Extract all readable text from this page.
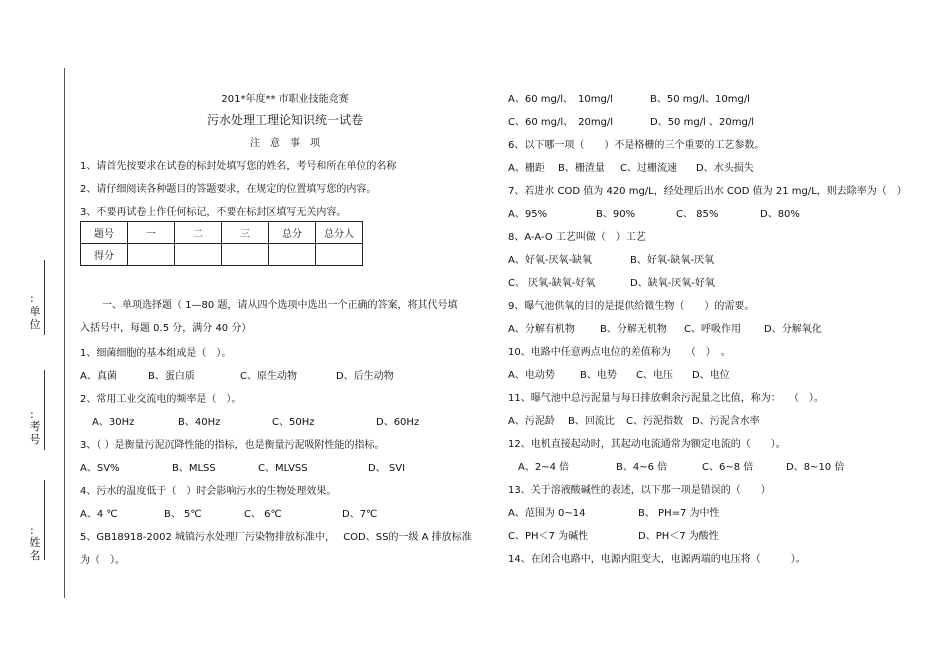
:
单位
:
考号
:
姓名
201*年度** 市职业技能竞赛
污水处理工理论知识统一试卷
注　意　事　项
1、请首先按要求在试卷的标封处填写您的姓名，考号和所在单位的名称
2、请仔细阅读各种题目的答题要求，在规定的位置填写您的内容。
3、不要再试卷上作任何标记，不要在标封区填写无关内容。
题号	一	二	三	总分	总分人
得分					
一、单项选择题（ 1—80 题，请从四个选项中选出一个正确的答案，将其代号填
入括号中，每题 0.5 分，满分 40 分）
1、细菌细胞的基本组成是（　）。
A、真菌	B、蛋白质	C、原生动物	D、后生动物
2、常用工业交流电的频率是（　）。
A、30Hz	B、40Hz	C、50Hz	D、60Hz
3、（ ）是衡量污泥沉降性能的指标，也是衡量污泥吸附性能的指标。
A、SV%	B、MLSS	C、MLVSS	D、 SVI
4、污水的温度低于（　）时会影响污水的生物处理效果。
A、4 ℃	B、 5℃	C、 6℃	D、7℃
5、GB18918-2002 城镇污水处理厂污染物排放标准中，　 COD、SS的一级 A 排放标准
为（　）。
A、60 mg/l、　10mg/l	B、50 mg/l、10mg/l
C、60 mg/l、　20mg/l	D、50 mg/l 、20mg/l
6、以下哪一项（　　）不是格栅的三个重要的工艺参数。
A、栅距 B、栅渣量 C、过栅流速 D、水头损失
7、若进水 COD 值为 420 mg/L，经处理后出水 COD 值为 21 mg/L，则去除率为（　）
A、95%	B、90%	C、 85%	D、80%
8、A-A-O 工艺叫做（　）工艺
A、好氧-厌氧-缺氧	B、好氧-缺氧-厌氧
C、 厌氧-缺氧-好氧	D、缺氧-厌氧-好氧
9、曝气池供氧的目的是提供给微生物（　　）的需要。
A、分解有机物	B、分解无机物 C、呼吸作用 D、分解氧化
10、电路中任意两点电位的差值称为　　（　）　。
A、电动势	B、电势 C、电压 D、电位
11、曝气池中总污泥量与每日排放剩余污泥量之比值，称为：　 （　）。
A、污泥龄 B、回流比 C、污泥指数 D、污泥含水率
12、电机直接起动时，其起动电流通常为额定电流的（　　）。
A、2~4 倍	B、4~6 倍	C、6~8 倍	D、8~10 倍
13、关于溶液酸碱性的表述，以下那一项是错误的（　　）
A、范围为 0~14	B、 PH=7 为中性
C、PH＜7 为碱性	D、PH＜7 为酸性
14、在闭合电路中，电源内阻变大，电源两端的电压将（　　　）。
